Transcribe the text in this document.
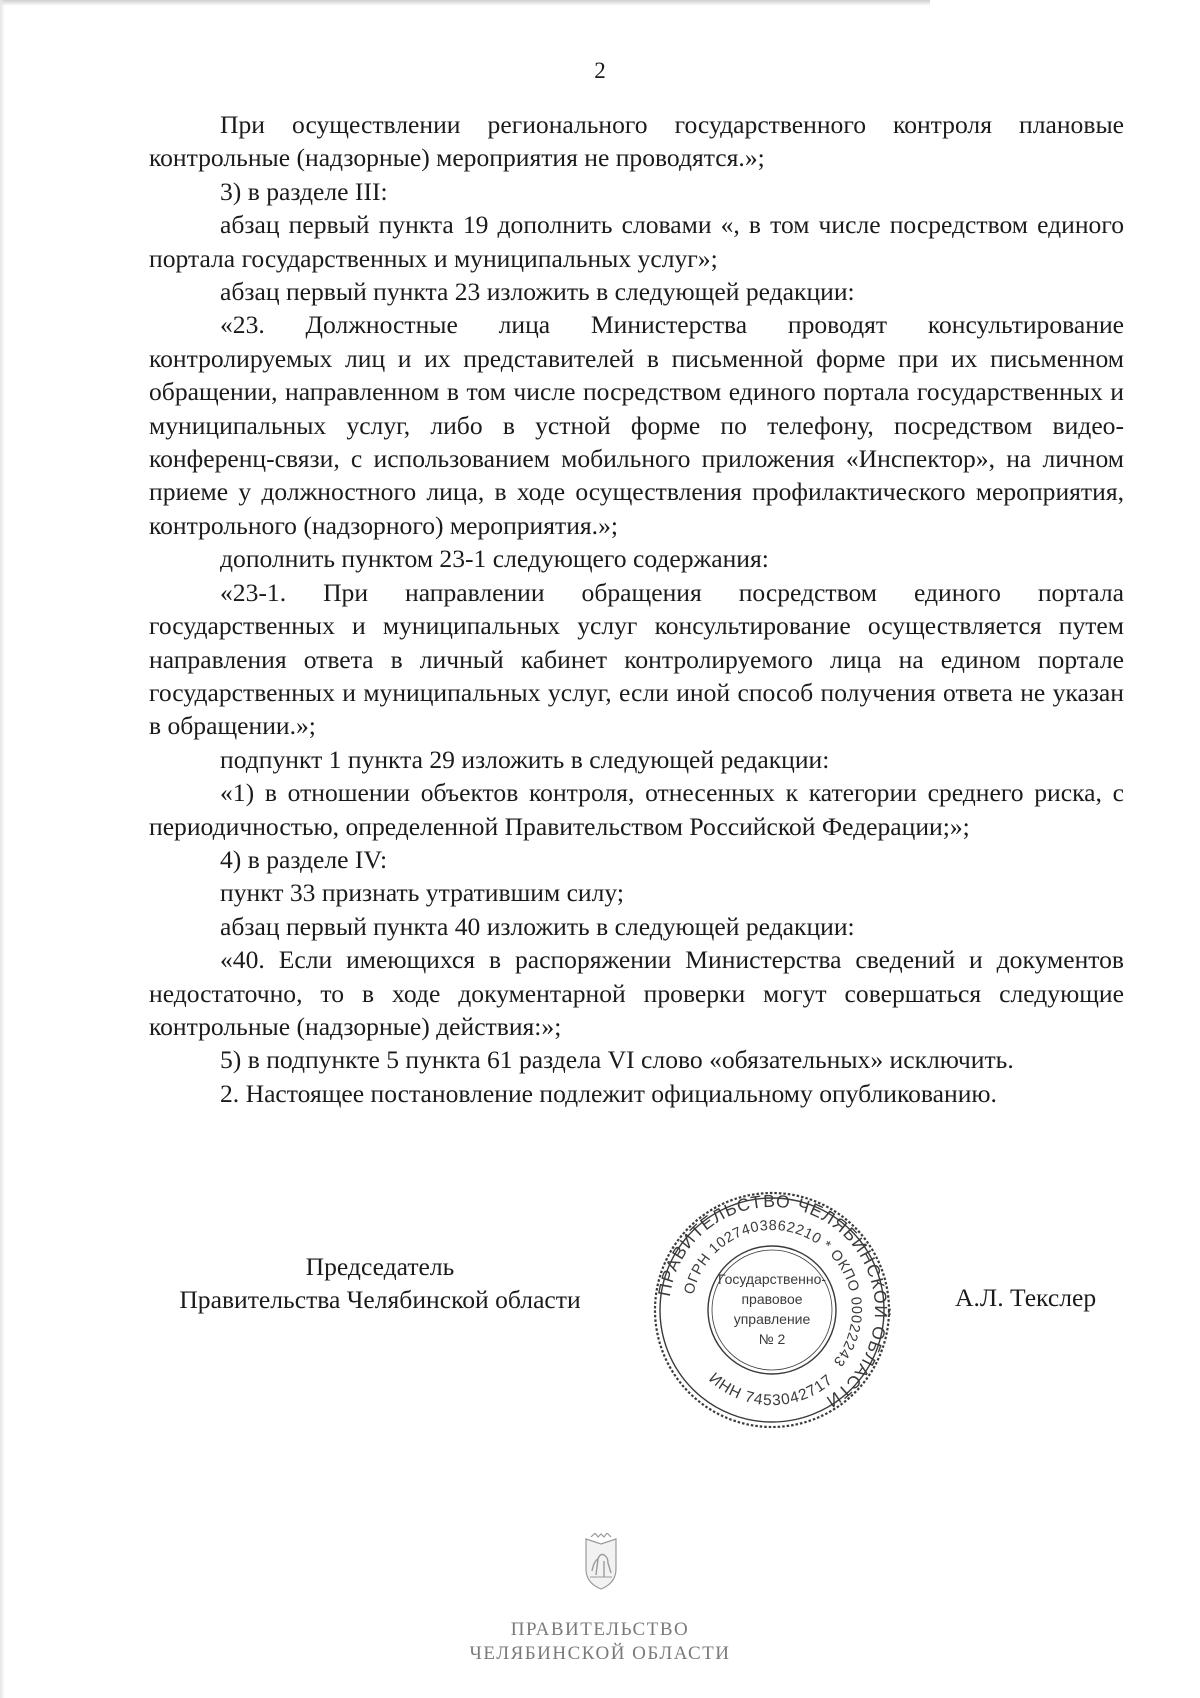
2

При осуществлении регионального государственного контроля плановые контрольные (надзорные) мероприятия не проводятся.»;

3) в разделе III:

абзац первый пункта 19 дополнить словами «, в том числе посредством единого портала государственных и муниципальных услуг»;

абзац первый пункта 23 изложить в следующей редакции:

«23. Должностные лица Министерства проводят консультирование контролируемых лиц и их представителей в письменной форме при их письменном обращении, направленном в том числе посредством единого портала государственных и муниципальных услуг, либо в устной форме по телефону, посредством видео-конференц-связи, с использованием мобильного приложения «Инспектор», на личном приеме у должностного лица, в ходе осуществления профилактического мероприятия, контрольного (надзорного) мероприятия.»;

дополнить пунктом 23-1 следующего содержания:

«23-1. При направлении обращения посредством единого портала государственных и муниципальных услуг консультирование осуществляется путем направления ответа в личный кабинет контролируемого лица на едином портале государственных и муниципальных услуг, если иной способ получения ответа не указан в обращении.»;

подпункт 1 пункта 29 изложить в следующей редакции:

«1) в отношении объектов контроля, отнесенных к категории среднего риска, с периодичностью, определенной Правительством Российской Федерации;»;

4) в разделе IV:

пункт 33 признать утратившим силу;

абзац первый пункта 40 изложить в следующей редакции:

«40. Если имеющихся в распоряжении Министерства сведений и документов недостаточно, то в ходе документарной проверки могут совершаться следующие контрольные (надзорные) действия:»;

5) в подпункте 5 пункта 61 раздела VI слово «обязательных» исключить.

2. Настоящее постановление подлежит официальному опубликованию.

Председатель
Правительства Челябинской области	ПРАВИТЕЛЬСТВО ЧЕЛЯБИНСКОЙ ОБЛАСТИ
ОГРН 1027403862210 * ОКПО 00022243
ИНН 7453042717
Государственно-
правовое
управление
№ 2
А.Л. Текслер
ПРАВИТЕЛЬСТВО
ЧЕЛЯБИНСКОЙ ОБЛАСТИ
